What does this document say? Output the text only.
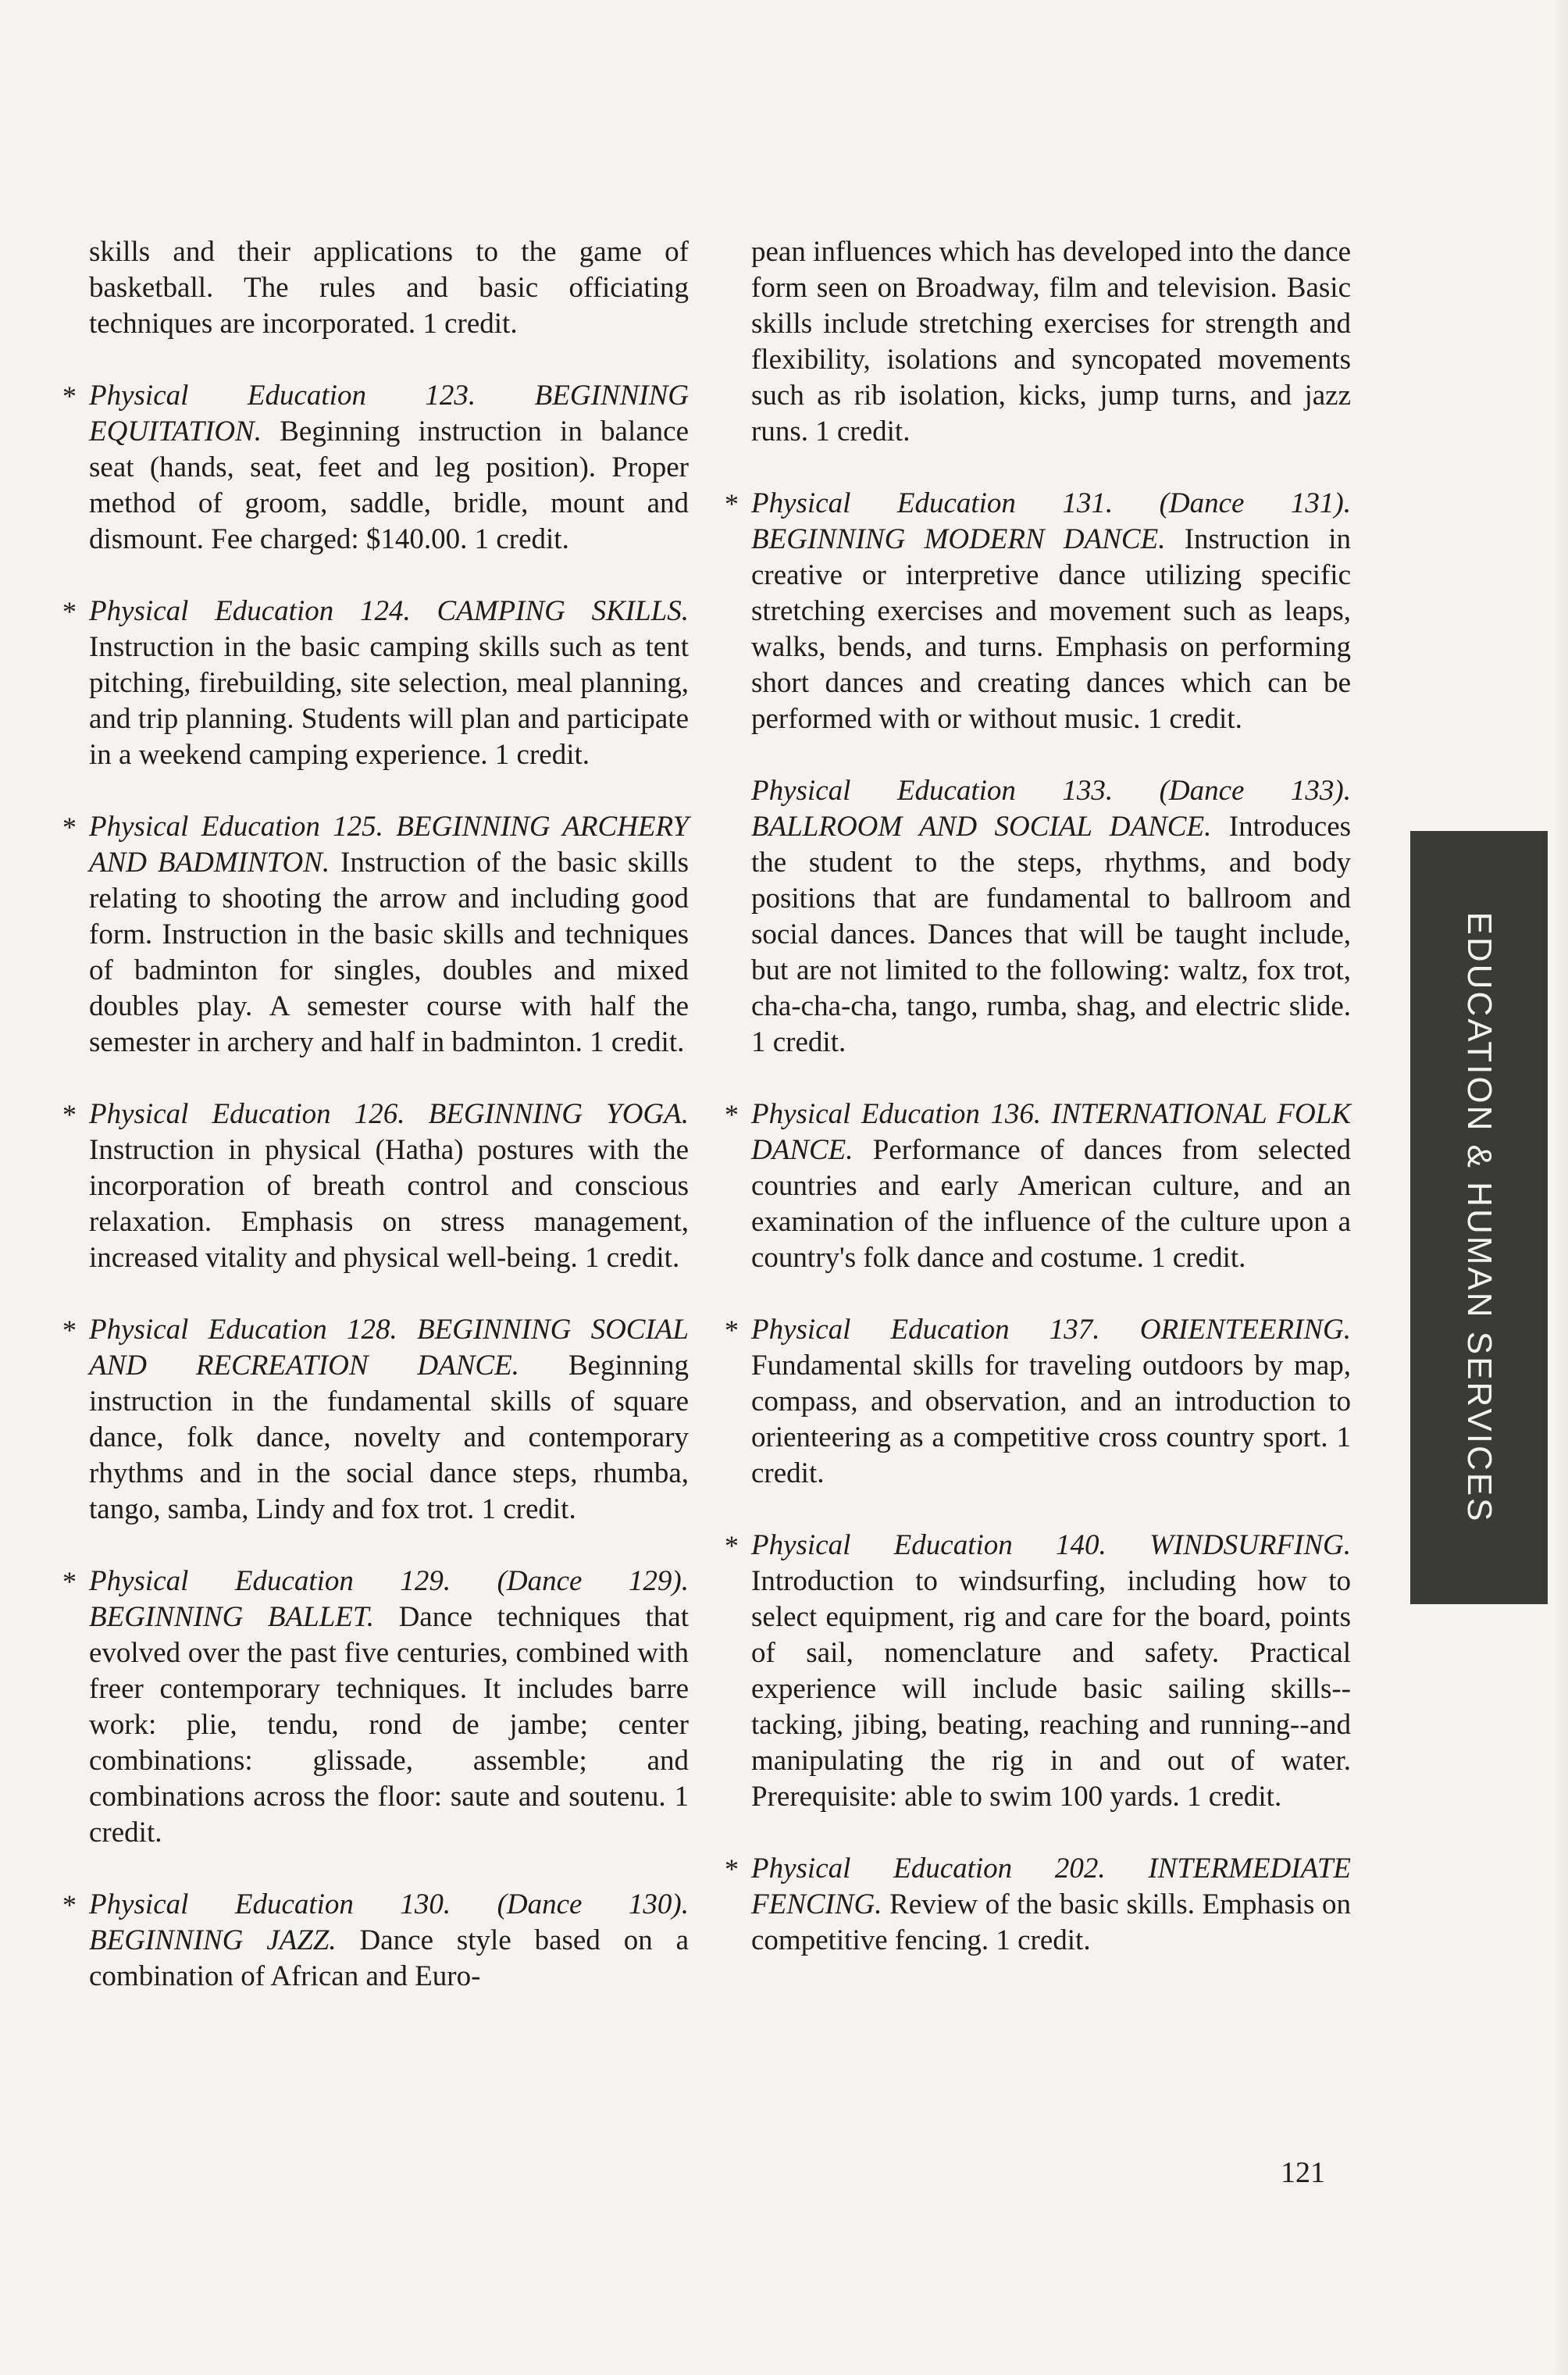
skills and their applications to the game of basketball. The rules and basic officiating techniques are incorporated. 1 credit.
* Physical Education 123. BEGINNING EQUITATION. Beginning instruction in balance seat (hands, seat, feet and leg position). Proper method of groom, saddle, bridle, mount and dismount. Fee charged: $140.00. 1 credit.
* Physical Education 124. CAMPING SKILLS. Instruction in the basic camping skills such as tent pitching, firebuilding, site selection, meal planning, and trip planning. Students will plan and participate in a weekend camping experience. 1 credit.
* Physical Education 125. BEGINNING ARCHERY AND BADMINTON. Instruction of the basic skills relating to shooting the arrow and including good form. Instruction in the basic skills and techniques of badminton for singles, doubles and mixed doubles play. A semester course with half the semester in archery and half in badminton. 1 credit.
* Physical Education 126. BEGINNING YOGA. Instruction in physical (Hatha) postures with the incorporation of breath control and conscious relaxation. Emphasis on stress management, increased vitality and physical well-being. 1 credit.
* Physical Education 128. BEGINNING SOCIAL AND RECREATION DANCE. Beginning instruction in the fundamental skills of square dance, folk dance, novelty and contemporary rhythms and in the social dance steps, rhumba, tango, samba, Lindy and fox trot. 1 credit.
* Physical Education 129. (Dance 129). BEGINNING BALLET. Dance techniques that evolved over the past five centuries, combined with freer contemporary techniques. It includes barre work: plie, tendu, rond de jambe; center combinations: glissade, assemble; and combinations across the floor: saute and soutenu. 1 credit.
* Physical Education 130. (Dance 130). BEGINNING JAZZ. Dance style based on a combination of African and Euro-
pean influences which has developed into the dance form seen on Broadway, film and television. Basic skills include stretching exercises for strength and flexibility, isolations and syncopated movements such as rib isolation, kicks, jump turns, and jazz runs. 1 credit.
* Physical Education 131. (Dance 131). BEGINNING MODERN DANCE. Instruction in creative or interpretive dance utilizing specific stretching exercises and movement such as leaps, walks, bends, and turns. Emphasis on performing short dances and creating dances which can be performed with or without music. 1 credit.
Physical Education 133. (Dance 133). BALLROOM AND SOCIAL DANCE. Introduces the student to the steps, rhythms, and body positions that are fundamental to ballroom and social dances. Dances that will be taught include, but are not limited to the following: waltz, fox trot, cha-cha-cha, tango, rumba, shag, and electric slide. 1 credit.
* Physical Education 136. INTERNATIONAL FOLK DANCE. Performance of dances from selected countries and early American culture, and an examination of the influence of the culture upon a country's folk dance and costume. 1 credit.
* Physical Education 137. ORIENTEERING. Fundamental skills for traveling outdoors by map, compass, and observation, and an introduction to orienteering as a competitive cross country sport. 1 credit.
* Physical Education 140. WINDSURFING. Introduction to windsurfing, including how to select equipment, rig and care for the board, points of sail, nomenclature and safety. Practical experience will include basic sailing skills--tacking, jibing, beating, reaching and running--and manipulating the rig in and out of water. Prerequisite: able to swim 100 yards. 1 credit.
* Physical Education 202. INTERMEDIATE FENCING. Review of the basic skills. Emphasis on competitive fencing. 1 credit.
EDUCATION & HUMAN SERVICES
121
